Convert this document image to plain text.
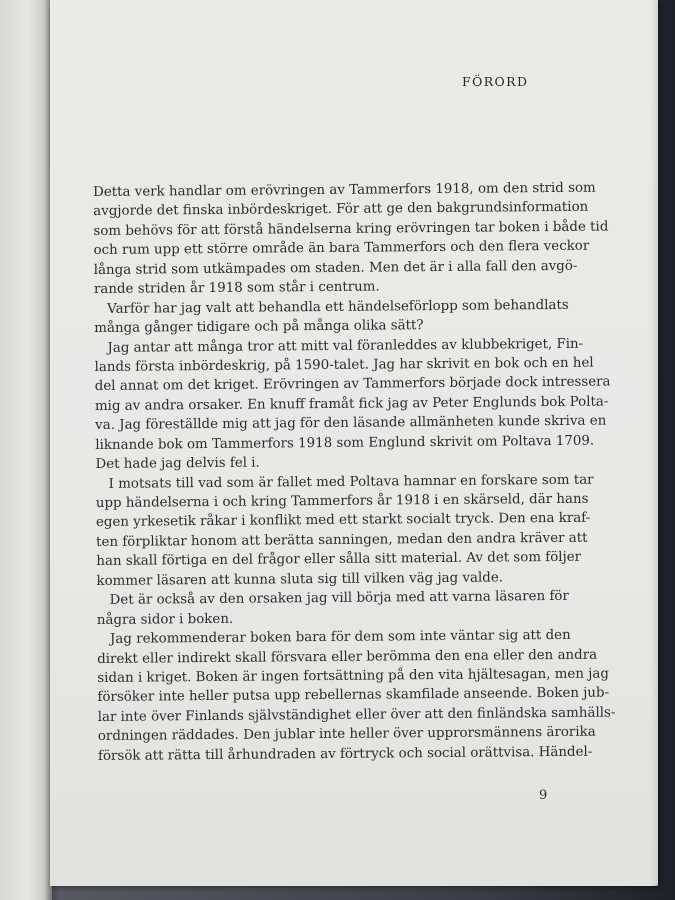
FÖRORD
Detta verk handlar om erövringen av Tammerfors 1918, om den strid som
avgjorde det finska inbördeskriget. För att ge den bakgrundsinformation
som behövs för att förstå händelserna kring erövringen tar boken i både tid
och rum upp ett större område än bara Tammerfors och den flera veckor
långa strid som utkämpades om staden. Men det är i alla fall den avgö-
rande striden år 1918 som står i centrum.
Varför har jag valt att behandla ett händelseförlopp som behandlats
många gånger tidigare och på många olika sätt?
Jag antar att många tror att mitt val föranleddes av klubbekriget, Fin-
lands första inbördeskrig, på 1590-talet. Jag har skrivit en bok och en hel
del annat om det kriget. Erövringen av Tammerfors började dock intressera
mig av andra orsaker. En knuff framåt fick jag av Peter Englunds bok Polta-
va. Jag föreställde mig att jag för den läsande allmänheten kunde skriva en
liknande bok om Tammerfors 1918 som Englund skrivit om Poltava 1709.
Det hade jag delvis fel i.
I motsats till vad som är fallet med Poltava hamnar en forskare som tar
upp händelserna i och kring Tammerfors år 1918 i en skärseld, där hans
egen yrkesetik råkar i konflikt med ett starkt socialt tryck. Den ena kraf-
ten förpliktar honom att berätta sanningen, medan den andra kräver att
han skall förtiga en del frågor eller sålla sitt material. Av det som följer
kommer läsaren att kunna sluta sig till vilken väg jag valde.
Det är också av den orsaken jag vill börja med att varna läsaren för
några sidor i boken.
Jag rekommenderar boken bara för dem som inte väntar sig att den
direkt eller indirekt skall försvara eller berömma den ena eller den andra
sidan i kriget. Boken är ingen fortsättning på den vita hjältesagan, men jag
försöker inte heller putsa upp rebellernas skamfilade anseende. Boken jub-
lar inte över Finlands självständighet eller över att den finländska samhälls-
ordningen räddades. Den jublar inte heller över upprorsmännens ärorika
försök att rätta till århundraden av förtryck och social orättvisa. Händel-
9
